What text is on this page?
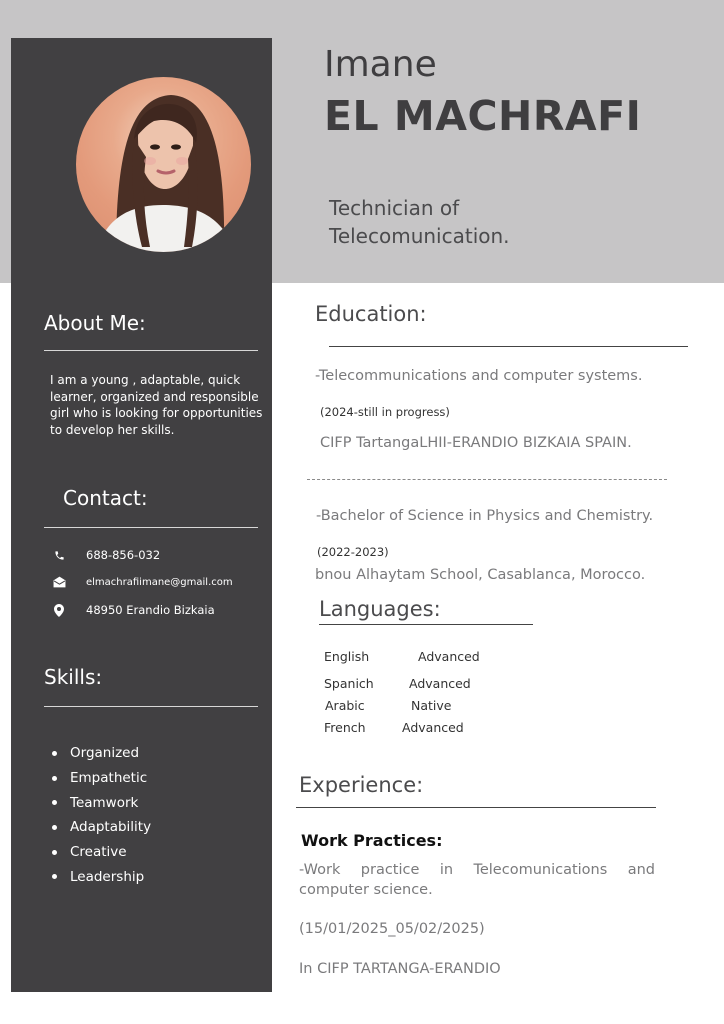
Imane
EL MACHRAFI
Technician of
Telecomunication.
About Me:
I am a young , adaptable, quick learner, organized and responsible girl who is looking for opportunities to develop her skills.
Contact:
688-856-032
elmachrafiimane@gmail.com
48950 Erandio Bizkaia
Skills:
Organized
Empathetic
Teamwork
Adaptability
Creative
Leadership
Education:
-Telecommunications and computer systems.
(2024-still in progress)
CIFP TartangaLHII-ERANDIO BIZKAIA SPAIN.
-Bachelor of Science in Physics and Chemistry.
(2022-2023)
bnou Alhaytam School, Casablanca, Morocco.
Languages:
English	Advanced
Spanich	Advanced
Arabic	Native
French	Advanced
Experience:
Work Practices:
-Work practice in Telecomunications and computer science.
(15/01/2025_05/02/2025)
In CIFP TARTANGA-ERANDIO
